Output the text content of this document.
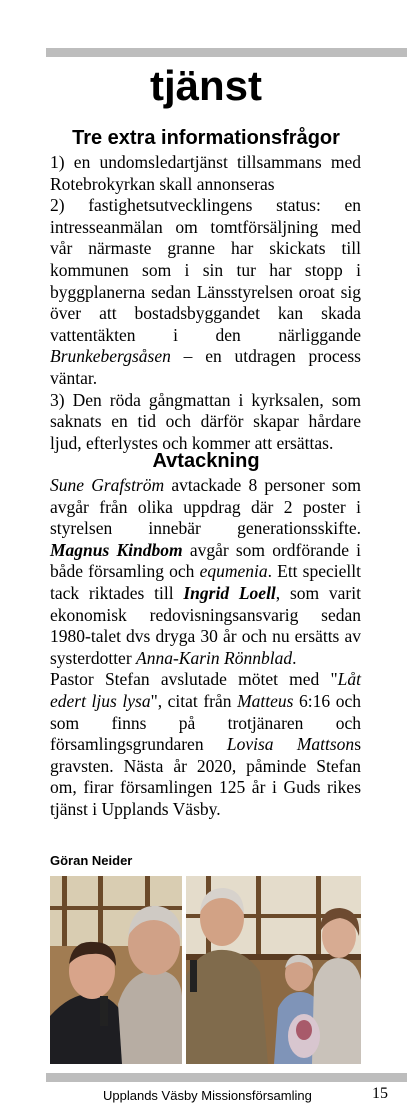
tjänst
Tre extra informationsfrågor

1) en undomsledartjänst tillsammans med Rotebrokyrkan skall annonseras

2) fastighetsutvecklingens status: en intresseanmälan om tomtförsäljning med vår närmaste granne har skickats till kommunen som i sin tur har stopp i byggplanerna sedan Länsstyrelsen oroat sig över att bostadsbyggandet kan skada vattentäkten i den närliggande Brunkebergsåsen – en utdragen process väntar.

3) Den röda gångmattan i kyrksalen, som saknats en tid och därför skapar hårdare ljud, efterlystes och kommer att ersättas.

Avtackning

Sune Grafström avtackade 8 personer som avgår från olika uppdrag där 2 poster i styrelsen innebär generationsskifte. Magnus Kindbom avgår som ordförande i både församling och equmenia. Ett speciellt tack riktades till Ingrid Loell, som varit ekonomisk redovisningsansvarig sedan 1980-talet dvs dryga 30 år och nu ersätts av systerdotter Anna-Karin Rönnblad.

Pastor Stefan avslutade mötet med "Låt edert ljus lysa", citat från Matteus 6:16 och som finns på trotjänaren och församlingsgrundaren Lovisa Mattsons gravsten. Nästa år 2020, påminde Stefan om, firar församlingen 125 år i Guds rikes tjänst i Upplands Väsby.

Göran Neider
Upplands Väsby Missionsförsamling	15
